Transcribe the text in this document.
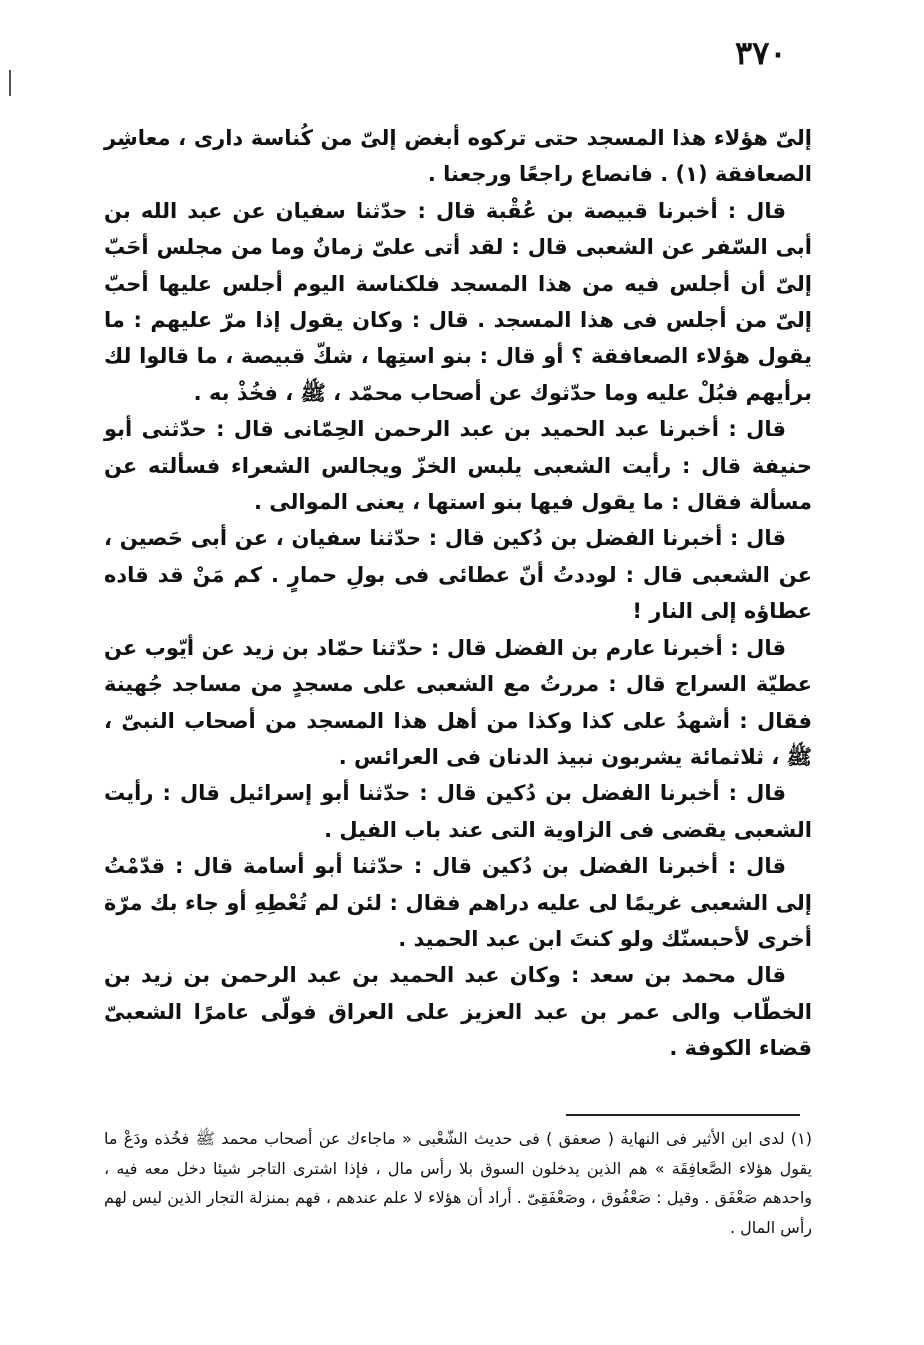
٣٧٠

إلىّ هؤلاء هذا المسجد حتى تركوه أبغض إلىّ من كُناسة دارى ، معاشِر الصعافقة (١) . فانصاع راجعًا ورجعنا .

قال : أخبرنا قبيصة بن عُقْبة قال : حدّثنا سفيان عن عبد الله بن أبى السّفر عن الشعبى قال : لقد أتى علىّ زمانٌ وما من مجلس أحَبّ إلىّ أن أجلس فيه من هذا المسجد فلكناسة اليوم أجلس عليها أحبّ إلىّ من أجلس فى هذا المسجد . قال : وكان يقول إذا مرّ عليهم : ما يقول هؤلاء الصعافقة ؟ أو قال : بنو استِها ، شكّ قبيصة ، ما قالوا لك برأيهم فبُلْ عليه وما حدّثوك عن أصحاب محمّد ، ﷺ ، فخُذْ به .

قال : أخبرنا عبد الحميد بن عبد الرحمن الحِمّانى قال : حدّثنى أبو حنيفة قال : رأيت الشعبى يلبس الخزّ ويجالس الشعراء فسألته عن مسألة فقال : ما يقول فيها بنو استها ، يعنى الموالى .

قال : أخبرنا الفضل بن دُكين قال : حدّثنا سفيان ، عن أبى حَصين ، عن الشعبى قال : لوددتُ أنّ عطائى فى بولِ حمارٍ . كم مَنْ قد قاده عطاؤه إلى النار !

قال : أخبرنا عارم بن الفضل قال : حدّثنا حمّاد بن زيد عن أيّوب عن عطيّة السراج قال : مررتُ مع الشعبى على مسجدٍ من مساجد جُهينة فقال : أشهدُ على كذا وكذا من أهل هذا المسجد من أصحاب النبىّ ، ﷺ ، ثلاثمائة يشربون نبيذ الدنان فى العرائس .

قال : أخبرنا الفضل بن دُكين قال : حدّثنا أبو إسرائيل قال : رأيت الشعبى يقضى فى الزاوية التى عند باب الفيل .

قال : أخبرنا الفضل بن دُكين قال : حدّثنا أبو أسامة قال : قدّمْتُ إلى الشعبى غريمًا لى عليه دراهم فقال : لئن لم تُعْطِهِ أو جاء بك مرّة أخرى لأحبسنّك ولو كنتَ ابن عبد الحميد .

قال محمد بن سعد : وكان عبد الحميد بن عبد الرحمن بن زيد بن الخطّاب والى عمر بن عبد العزيز على العراق فولّى عامرًا الشعبىّ قضاء الكوفة .

(١) لدى ابن الأثير فى النهاية ( صعفق ) فى حديث الشّعْبى « ماجاءك عن أصحاب محمد ﷺ فخُذه ودَعْ ما يقول هؤلاء الصَّعافِقَة » هم الذين يدخلون السوق بلا رأس مال ، فإذا اشترى التاجر شيئا دخل معه فيه ، واحدهم صَعْفَق . وقيل : صَعْفُوق ، وصَعْفَقِىّ . أراد أن هؤلاء لا علم عندهم ، فهم بمنزلة التجار الذين ليس لهم رأس المال .
